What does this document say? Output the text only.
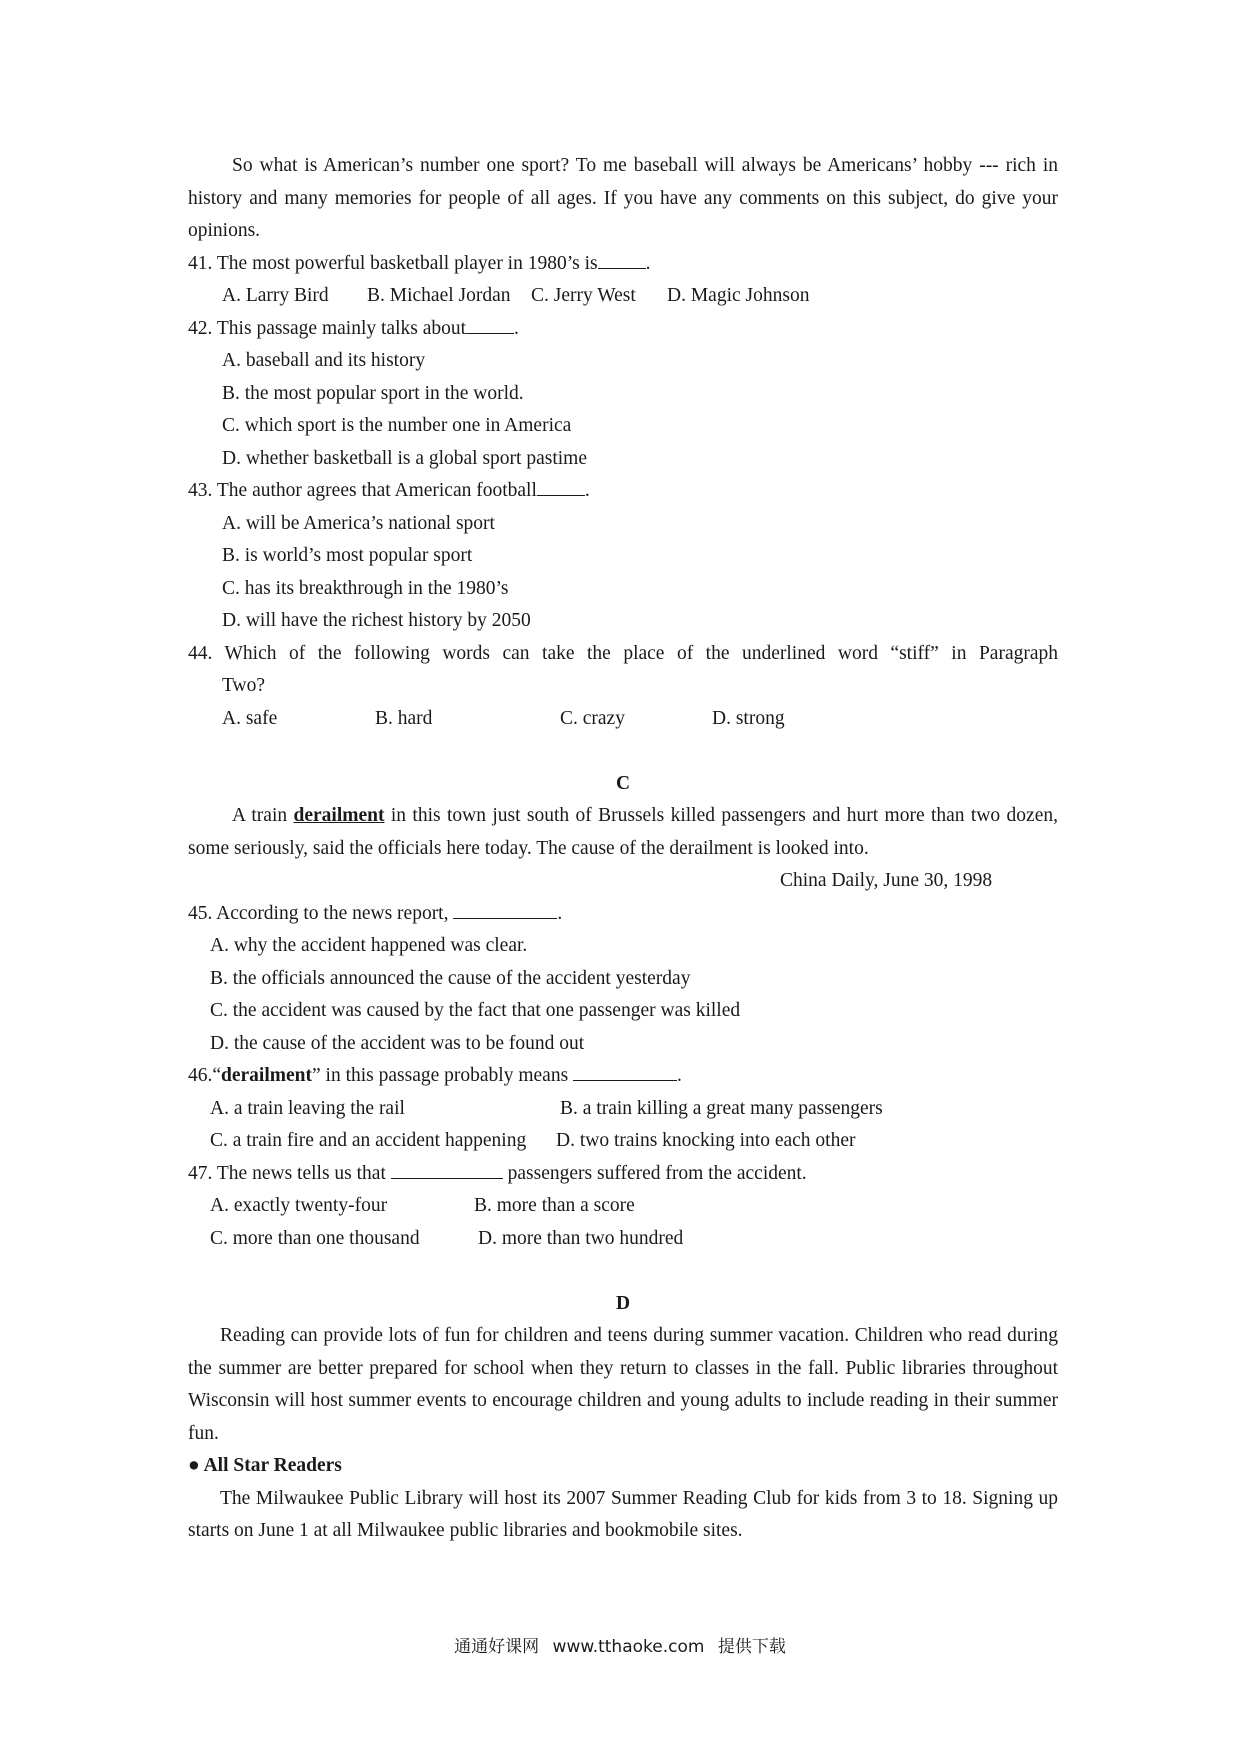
So what is American’s number one sport? To me baseball will always be Americans’ hobby --- rich in history and many memories for people of all ages. If you have any comments on this subject, do give your opinions.

41. The most powerful basketball player in 1980’s is .

A. Larry Bird	B. Michael Jordan	C. Jerry West	D. Magic Johnson

42. This passage mainly talks about .

A. baseball and its history

B. the most popular sport in the world.

C. which sport is the number one in America

D. whether basketball is a global sport pastime

43. The author agrees that American football .

A. will be America’s national sport

B. is world’s most popular sport

C. has its breakthrough in the 1980’s

D. will have the richest history by 2050

44. Which of the following words can take the place of the underlined word “stiff” in Paragraph

Two?

A. safe	B. hard	C. crazy	D. strong

C

A train derailment in this town just south of Brussels killed passengers and hurt more than two dozen, some seriously, said the officials here today. The cause of the derailment is looked into.

China Daily, June 30, 1998

45. According to the news report,	.

A. why the accident happened was clear.

B. the officials announced the cause of the accident yesterday

C. the accident was caused by the fact that one passenger was killed

D. the cause of the accident was to be found out

46.“derailment” in this passage probably means	.

A. a train leaving the rail	B. a train killing a great many passengers
C. a train fire and an accident happening	D. two trains knocking into each other

47. The news tells us that	passengers suffered from the accident.

A. exactly twenty-four	B. more than a score
C. more than one thousand	D. more than two hundred

D

Reading can provide lots of fun for children and teens during summer vacation. Children who read during the summer are better prepared for school when they return to classes in the fall. Public libraries throughout Wisconsin will host summer events to encourage children and young adults to include reading in their summer fun.

● All Star Readers

The Milwaukee Public Library will host its 2007 Summer Reading Club for kids from 3 to 18. Signing up starts on June 1 at all Milwaukee public libraries and bookmobile sites.

通通好课网 www.tthaoke.com 提供下载
